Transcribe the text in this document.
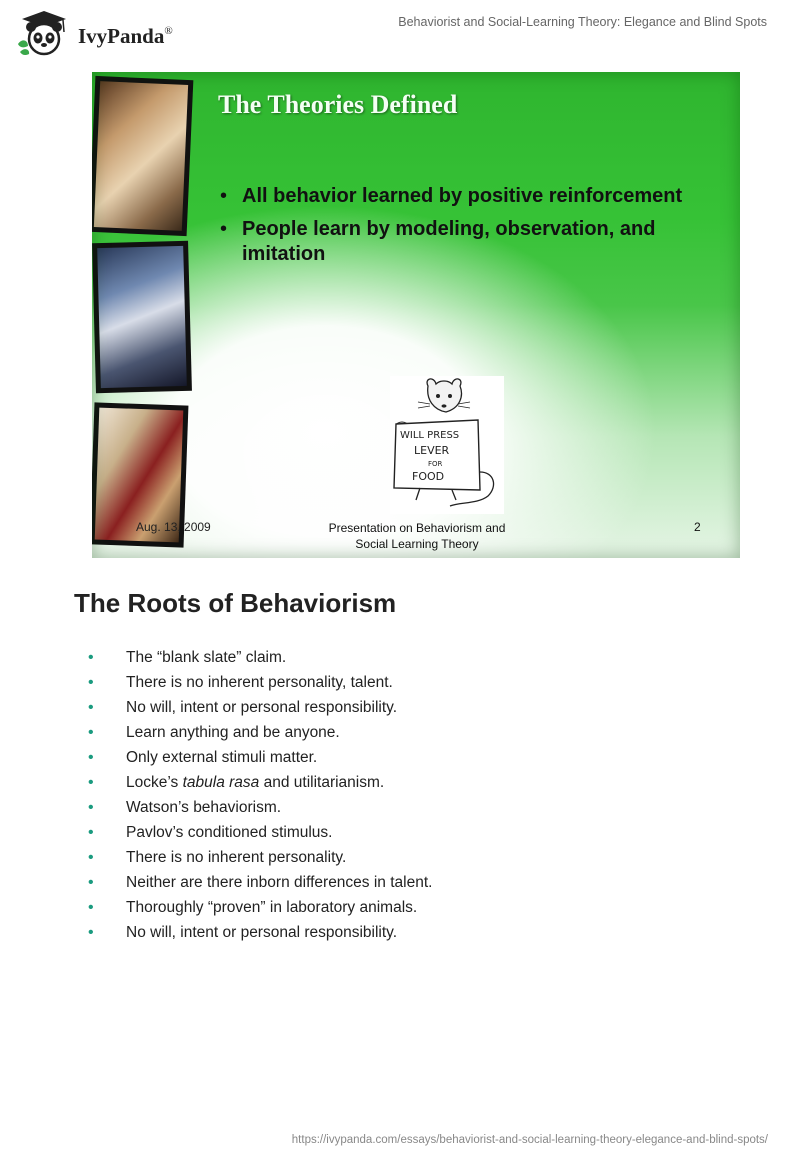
IvyPanda®
Behaviorist and Social-Learning Theory: Elegance and Blind Spots
The Theories Defined
• All behavior learned by positive reinforcement
• People learn by modeling, observation, and imitation
WILL PRESS
LEVER
FOR
FOOD
Aug. 13, 2009	Presentation on Behaviorism and
Social Learning Theory
2
The Roots of Behaviorism
• The “blank slate” claim.
• There is no inherent personality, talent.
• No will, intent or personal responsibility.
• Learn anything and be anyone.
• Only external stimuli matter.
• Locke’s tabula rasa and utilitarianism.
• Watson’s behaviorism.
• Pavlov’s conditioned stimulus.
• There is no inherent personality.
• Neither are there inborn differences in talent.
• Thoroughly “proven” in laboratory animals.
• No will, intent or personal responsibility.
https://ivypanda.com/essays/behaviorist-and-social-learning-theory-elegance-and-blind-spots/
